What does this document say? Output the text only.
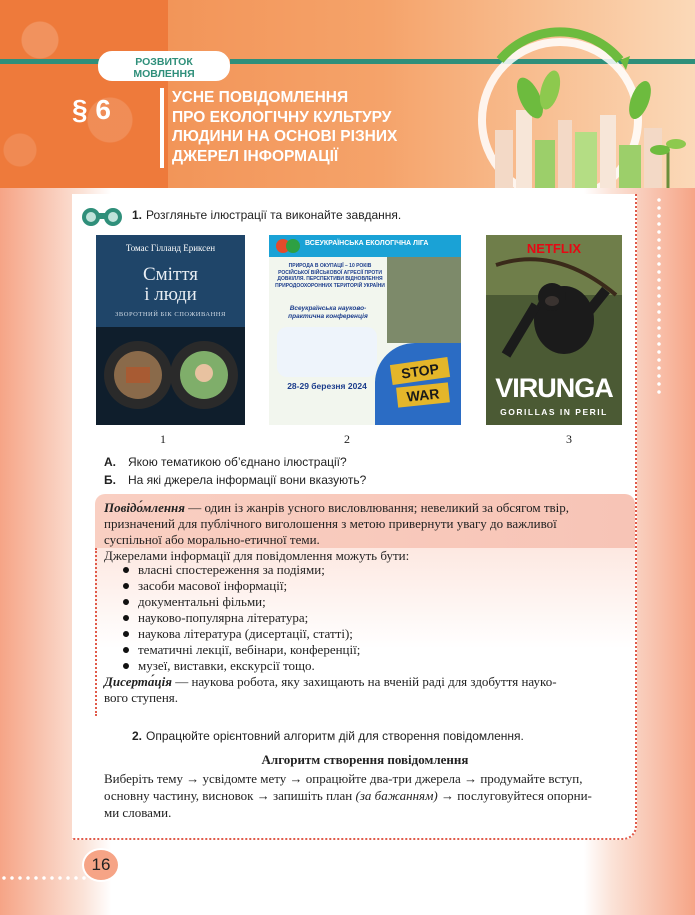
РОЗВИТОК
МОВЛЕННЯ
§ 6	УСНЕ ПОВІДОМЛЕННЯ
ПРО ЕКОЛОГІЧНУ КУЛЬТУРУ
ЛЮДИНИ НА ОСНОВІ РІЗНИХ
ДЖЕРЕЛ ІНФОРМАЦІЇ
1. Розгляньте ілюстрації та виконайте завдання.
Томас Гілланд Ериксен
Сміття
і люди
ЗВОРОТНИЙ БІК СПОЖИВАННЯ
ВСЕУКРАЇНСЬКА ЕКОЛОГІЧНА ЛІГА
ПРИРОДА В ОКУПАЦІЇ – 10 РОКІВ РОСІЙСЬКОЇ ВІЙСЬКОВОЇ АГРЕСІЇ ПРОТИ ДОВКІЛЛЯ. ПЕРСПЕКТИВИ ВІДНОВЛЕННЯ ПРИРОДООХОРОННИХ ТЕРИТОРІЙ УКРАЇНИ
Всеукраїнська науково-практична конференція
28-29 березня 2024
STOP
WAR
NETFLIX
VIRUNGA
GORILLAS IN PERIL
1	2	3
А. Якою тематикою об’єднано ілюстрації?
Б. На які джерела інформації вони вказують?
Повідо́млення — один із жанрів усного висловлювання; невеликий за обсягом твір,
призначений для публічного виголошення з метою привернути увагу до важливої
суспільної або морально-етичної теми.
Джерелами інформації для повідомлення можуть бути:
власні спостереження за подіями;
засоби масової інформації;
документальні фільми;
науково-популярна література;
наукова література (дисертації, статті);
тематичні лекції, вебінари, конференції;
музеї, виставки, екскурсії тощо.
Дисерта́ція — наукова робота, яку захищають на вченій раді для здобуття науко-
вого ступеня.
2. Опрацюйте орієнтовний алгоритм дій для створення повідомлення.
Алгоритм створення повідомлення
Виберіть тему → усвідомте мету → опрацюйте два-три джерела → продумайте вступ,
основну частину, висновок → запишіть план (за бажанням) → послуговуйтеся опорни-
ми словами.
16
